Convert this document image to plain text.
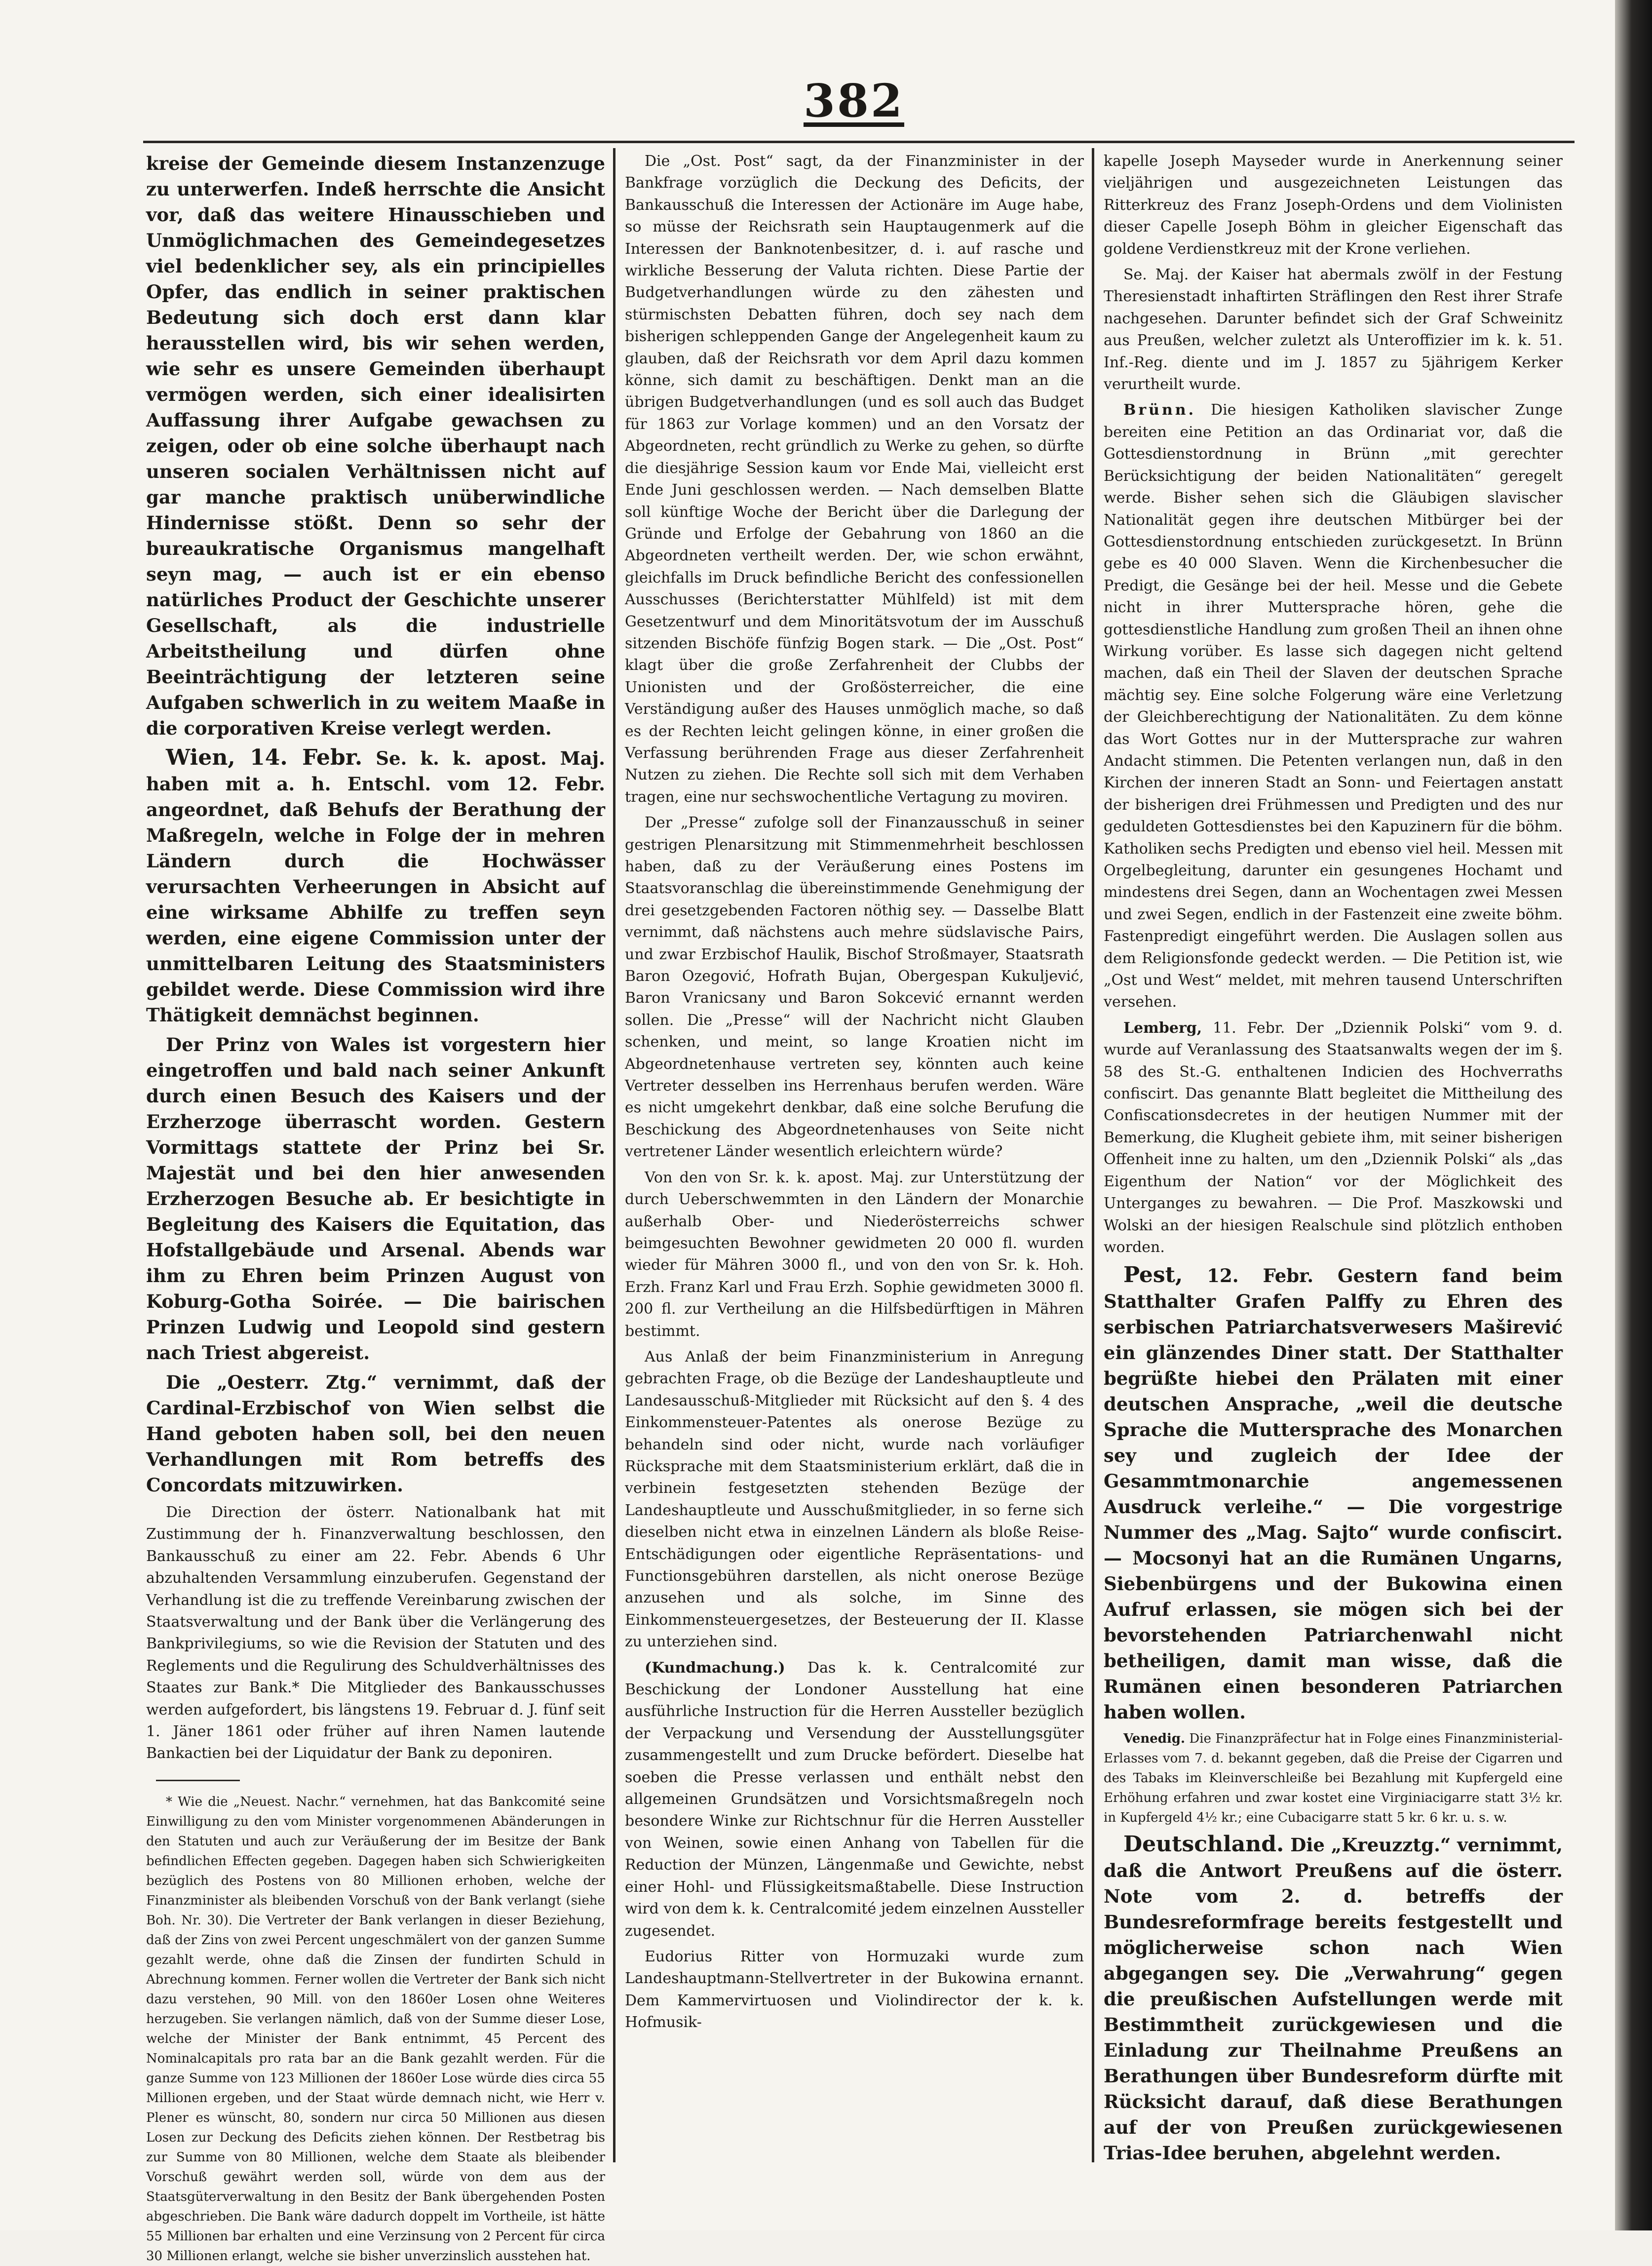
382

kreise der Gemeinde diesem Instanzenzuge zu unterwerfen. Indeß herrschte die Ansicht vor, daß das weitere Hinausschieben und Unmöglichmachen des Gemeindegesetzes viel bedenklicher sey, als ein principielles Opfer, das endlich in seiner praktischen Bedeutung sich doch erst dann klar herausstellen wird, bis wir sehen werden, wie sehr es unsere Gemeinden überhaupt vermögen werden, sich einer idealisirten Auffassung ihrer Aufgabe gewachsen zu zeigen, oder ob eine solche überhaupt nach unseren socialen Verhältnissen nicht auf gar manche praktisch unüberwindliche Hindernisse stößt. Denn so sehr der bureaukratische Organismus mangelhaft seyn mag, — auch ist er ein ebenso natürliches Product der Geschichte unserer Gesellschaft, als die industrielle Arbeitstheilung und dürfen ohne Beeinträchtigung der letzteren seine Aufgaben schwerlich in zu weitem Maaße in die corporativen Kreise verlegt werden.

Wien, 14. Febr. Se. k. k. apost. Maj. haben mit a. h. Entschl. vom 12. Febr. angeordnet, daß Behufs der Berathung der Maßregeln, welche in Folge der in mehren Ländern durch die Hochwässer verursachten Verheerungen in Absicht auf eine wirksame Abhilfe zu treffen seyn werden, eine eigene Commission unter der unmittelbaren Leitung des Staatsministers gebildet werde. Diese Commission wird ihre Thätigkeit demnächst beginnen.

Der Prinz von Wales ist vorgestern hier eingetroffen und bald nach seiner Ankunft durch einen Besuch des Kaisers und der Erzherzoge überrascht worden. Gestern Vormittags stattete der Prinz bei Sr. Majestät und bei den hier anwesenden Erzherzogen Besuche ab. Er besichtigte in Begleitung des Kaisers die Equitation, das Hofstallgebäude und Arsenal. Abends war ihm zu Ehren beim Prinzen August von Koburg-Gotha Soirée. — Die bairischen Prinzen Ludwig und Leopold sind gestern nach Triest abgereist.

Die „Oesterr. Ztg.“ vernimmt, daß der Cardinal-Erzbischof von Wien selbst die Hand geboten haben soll, bei den neuen Verhandlungen mit Rom betreffs des Concordats mitzuwirken.

Die Direction der österr. Nationalbank hat mit Zustimmung der h. Finanzverwaltung beschlossen, den Bankausschuß zu einer am 22. Febr. Abends 6 Uhr abzuhaltenden Versammlung einzuberufen. Gegenstand der Verhandlung ist die zu treffende Vereinbarung zwischen der Staatsverwaltung und der Bank über die Verlängerung des Bankprivilegiums, so wie die Revision der Statuten und des Reglements und die Regulirung des Schuldverhältnisses des Staates zur Bank.* Die Mitglieder des Bankausschusses werden aufgefordert, bis längstens 19. Februar d. J. fünf seit 1. Jäner 1861 oder früher auf ihren Namen lautende Bankactien bei der Liquidatur der Bank zu deponiren.

* Wie die „Neuest. Nachr.“ vernehmen, hat das Bankcomité seine Einwilligung zu den vom Minister vorgenommenen Abänderungen in den Statuten und auch zur Veräußerung der im Besitze der Bank befindlichen Effecten gegeben. Dagegen haben sich Schwierigkeiten bezüglich des Postens von 80 Millionen erhoben, welche der Finanzminister als bleibenden Vorschuß von der Bank verlangt (siehe Boh. Nr. 30). Die Vertreter der Bank verlangen in dieser Beziehung, daß der Zins von zwei Percent ungeschmälert von der ganzen Summe gezahlt werde, ohne daß die Zinsen der fundirten Schuld in Abrechnung kommen. Ferner wollen die Vertreter der Bank sich nicht dazu verstehen, 90 Mill. von den 1860er Losen ohne Weiteres herzugeben. Sie verlangen nämlich, daß von der Summe dieser Lose, welche der Minister der Bank entnimmt, 45 Percent des Nominalcapitals pro rata bar an die Bank gezahlt werden. Für die ganze Summe von 123 Millionen der 1860er Lose würde dies circa 55 Millionen ergeben, und der Staat würde demnach nicht, wie Herr v. Plener es wünscht, 80, sondern nur circa 50 Millionen aus diesen Losen zur Deckung des Deficits ziehen können. Der Restbetrag bis zur Summe von 80 Millionen, welche dem Staate als bleibender Vorschuß gewährt werden soll, würde von dem aus der Staatsgüterverwaltung in den Besitz der Bank übergehenden Posten abgeschrieben. Die Bank wäre dadurch doppelt im Vortheile, ist hätte 55 Millionen bar erhalten und eine Verzinsung von 2 Percent für circa 30 Millionen erlangt, welche sie bisher unverzinslich ausstehen hat.

Die „Ost. Post“ sagt, da der Finanzminister in der Bankfrage vorzüglich die Deckung des Deficits, der Bankausschuß die Interessen der Actionäre im Auge habe, so müsse der Reichsrath sein Hauptaugenmerk auf die Interessen der Banknotenbesitzer, d. i. auf rasche und wirkliche Besserung der Valuta richten. Diese Partie der Budgetverhandlungen würde zu den zähesten und stürmischsten Debatten führen, doch sey nach dem bisherigen schleppenden Gange der Angelegenheit kaum zu glauben, daß der Reichsrath vor dem April dazu kommen könne, sich damit zu beschäftigen. Denkt man an die übrigen Budgetverhandlungen (und es soll auch das Budget für 1863 zur Vorlage kommen) und an den Vorsatz der Abgeordneten, recht gründlich zu Werke zu gehen, so dürfte die diesjährige Session kaum vor Ende Mai, vielleicht erst Ende Juni geschlossen werden. — Nach demselben Blatte soll künftige Woche der Bericht über die Darlegung der Gründe und Erfolge der Gebahrung von 1860 an die Abgeordneten vertheilt werden. Der, wie schon erwähnt, gleichfalls im Druck befindliche Bericht des confessionellen Ausschusses (Berichterstatter Mühlfeld) ist mit dem Gesetzentwurf und dem Minoritätsvotum der im Ausschuß sitzenden Bischöfe fünfzig Bogen stark. — Die „Ost. Post“ klagt über die große Zerfahrenheit der Clubbs der Unionisten und der Großösterreicher, die eine Verständigung außer des Hauses unmöglich mache, so daß es der Rechten leicht gelingen könne, in einer großen die Verfassung berührenden Frage aus dieser Zerfahrenheit Nutzen zu ziehen. Die Rechte soll sich mit dem Verhaben tragen, eine nur sechswochentliche Vertagung zu moviren.

Der „Presse“ zufolge soll der Finanzausschuß in seiner gestrigen Plenarsitzung mit Stimmenmehrheit beschlossen haben, daß zu der Veräußerung eines Postens im Staatsvoranschlag die übereinstimmende Genehmigung der drei gesetzgebenden Factoren nöthig sey. — Dasselbe Blatt vernimmt, daß nächstens auch mehre südslavische Pairs, und zwar Erzbischof Haulik, Bischof Stroßmayer, Staatsrath Baron Ozegović, Hofrath Bujan, Obergespan Kukuljević, Baron Vranicsany und Baron Sokcević ernannt werden sollen. Die „Presse“ will der Nachricht nicht Glauben schenken, und meint, so lange Kroatien nicht im Abgeordnetenhause vertreten sey, könnten auch keine Vertreter desselben ins Herrenhaus berufen werden. Wäre es nicht umgekehrt denkbar, daß eine solche Berufung die Beschickung des Abgeordnetenhauses von Seite nicht vertretener Länder wesentlich erleichtern würde?

Von den von Sr. k. k. apost. Maj. zur Unterstützung der durch Ueberschwemmten in den Ländern der Monarchie außerhalb Ober- und Niederösterreichs schwer beimgesuchten Bewohner gewidmeten 20 000 fl. wurden wieder für Mähren 3000 fl., und von den von Sr. k. Hoh. Erzh. Franz Karl und Frau Erzh. Sophie gewidmeten 3000 fl. 200 fl. zur Vertheilung an die Hilfsbedürftigen in Mähren bestimmt.

Aus Anlaß der beim Finanzministerium in Anregung gebrachten Frage, ob die Bezüge der Landeshauptleute und Landesausschuß-Mitglieder mit Rücksicht auf den §. 4 des Einkommensteuer-Patentes als onerose Bezüge zu behandeln sind oder nicht, wurde nach vorläufiger Rücksprache mit dem Staatsministerium erklärt, daß die in verbinein festgesetzten stehenden Bezüge der Landeshauptleute und Ausschußmitglieder, in so ferne sich dieselben nicht etwa in einzelnen Ländern als bloße Reise-Entschädigungen oder eigentliche Repräsentations- und Functionsgebühren darstellen, als nicht onerose Bezüge anzusehen und als solche, im Sinne des Einkommensteuergesetzes, der Besteuerung der II. Klasse zu unterziehen sind.

(Kundmachung.) Das k. k. Centralcomité zur Beschickung der Londoner Ausstellung hat eine ausführliche Instruction für die Herren Aussteller bezüglich der Verpackung und Versendung der Ausstellungsgüter zusammengestellt und zum Drucke befördert. Dieselbe hat soeben die Presse verlassen und enthält nebst den allgemeinen Grundsätzen und Vorsichtsmaßregeln noch besondere Winke zur Richtschnur für die Herren Aussteller von Weinen, sowie einen Anhang von Tabellen für die Reduction der Münzen, Längenmaße und Gewichte, nebst einer Hohl- und Flüssigkeitsmaßtabelle. Diese Instruction wird von dem k. k. Centralcomité jedem einzelnen Aussteller zugesendet.

Eudorius Ritter von Hormuzaki wurde zum Landeshauptmann-Stellvertreter in der Bukowina ernannt. Dem Kammervirtuosen und Violindirector der k. k. Hofmusik-

kapelle Joseph Mayseder wurde in Anerkennung seiner vieljährigen und ausgezeichneten Leistungen das Ritterkreuz des Franz Joseph-Ordens und dem Violinisten dieser Capelle Joseph Böhm in gleicher Eigenschaft das goldene Verdienstkreuz mit der Krone verliehen.

Se. Maj. der Kaiser hat abermals zwölf in der Festung Theresienstadt inhaftirten Sträflingen den Rest ihrer Strafe nachgesehen. Darunter befindet sich der Graf Schweinitz aus Preußen, welcher zuletzt als Unteroffizier im k. k. 51. Inf.-Reg. diente und im J. 1857 zu 5jährigem Kerker verurtheilt wurde.

Brünn. Die hiesigen Katholiken slavischer Zunge bereiten eine Petition an das Ordinariat vor, daß die Gottesdienstordnung in Brünn „mit gerechter Berücksichtigung der beiden Nationalitäten“ geregelt werde. Bisher sehen sich die Gläubigen slavischer Nationalität gegen ihre deutschen Mitbürger bei der Gottesdienstordnung entschieden zurückgesetzt. In Brünn gebe es 40 000 Slaven. Wenn die Kirchenbesucher die Predigt, die Gesänge bei der heil. Messe und die Gebete nicht in ihrer Muttersprache hören, gehe die gottesdienstliche Handlung zum großen Theil an ihnen ohne Wirkung vorüber. Es lasse sich dagegen nicht geltend machen, daß ein Theil der Slaven der deutschen Sprache mächtig sey. Eine solche Folgerung wäre eine Verletzung der Gleichberechtigung der Nationalitäten. Zu dem könne das Wort Gottes nur in der Muttersprache zur wahren Andacht stimmen. Die Petenten verlangen nun, daß in den Kirchen der inneren Stadt an Sonn- und Feiertagen anstatt der bisherigen drei Frühmessen und Predigten und des nur geduldeten Gottesdienstes bei den Kapuzinern für die böhm. Katholiken sechs Predigten und ebenso viel heil. Messen mit Orgelbegleitung, darunter ein gesungenes Hochamt und mindestens drei Segen, dann an Wochentagen zwei Messen und zwei Segen, endlich in der Fastenzeit eine zweite böhm. Fastenpredigt eingeführt werden. Die Auslagen sollen aus dem Religionsfonde gedeckt werden. — Die Petition ist, wie „Ost und West“ meldet, mit mehren tausend Unterschriften versehen.

Lemberg, 11. Febr. Der „Dziennik Polski“ vom 9. d. wurde auf Veranlassung des Staatsanwalts wegen der im §. 58 des St.-G. enthaltenen Indicien des Hochverraths confiscirt. Das genannte Blatt begleitet die Mittheilung des Confiscationsdecretes in der heutigen Nummer mit der Bemerkung, die Klugheit gebiete ihm, mit seiner bisherigen Offenheit inne zu halten, um den „Dziennik Polski“ als „das Eigenthum der Nation“ vor der Möglichkeit des Unterganges zu bewahren. — Die Prof. Maszkowski und Wolski an der hiesigen Realschule sind plötzlich enthoben worden.

Pest, 12. Febr. Gestern fand beim Statthalter Grafen Palffy zu Ehren des serbischen Patriarchatsverwesers Maširević ein glänzendes Diner statt. Der Statthalter begrüßte hiebei den Prälaten mit einer deutschen Ansprache, „weil die deutsche Sprache die Muttersprache des Monarchen sey und zugleich der Idee der Gesammtmonarchie angemessenen Ausdruck verleihe.“ — Die vorgestrige Nummer des „Mag. Sajto“ wurde confiscirt. — Mocsonyi hat an die Rumänen Ungarns, Siebenbürgens und der Bukowina einen Aufruf erlassen, sie mögen sich bei der bevorstehenden Patriarchenwahl nicht betheiligen, damit man wisse, daß die Rumänen einen besonderen Patriarchen haben wollen.

Venedig. Die Finanzpräfectur hat in Folge eines Finanzministerial-Erlasses vom 7. d. bekannt gegeben, daß die Preise der Cigarren und des Tabaks im Kleinverschleiße bei Bezahlung mit Kupfergeld eine Erhöhung erfahren und zwar kostet eine Virginiacigarre statt 3½ kr. in Kupfergeld 4½ kr.; eine Cubacigarre statt 5 kr. 6 kr. u. s. w.

Deutschland. Die „Kreuzztg.“ vernimmt, daß die Antwort Preußens auf die österr. Note vom 2. d. betreffs der Bundesreformfrage bereits festgestellt und möglicherweise schon nach Wien abgegangen sey. Die „Verwahrung“ gegen die preußischen Aufstellungen werde mit Bestimmtheit zurückgewiesen und die Einladung zur Theilnahme Preußens an Berathungen über Bundesreform dürfte mit Rücksicht darauf, daß diese Berathungen auf der von Preußen zurückgewiesenen Trias-Idee beruhen, abgelehnt werden.
